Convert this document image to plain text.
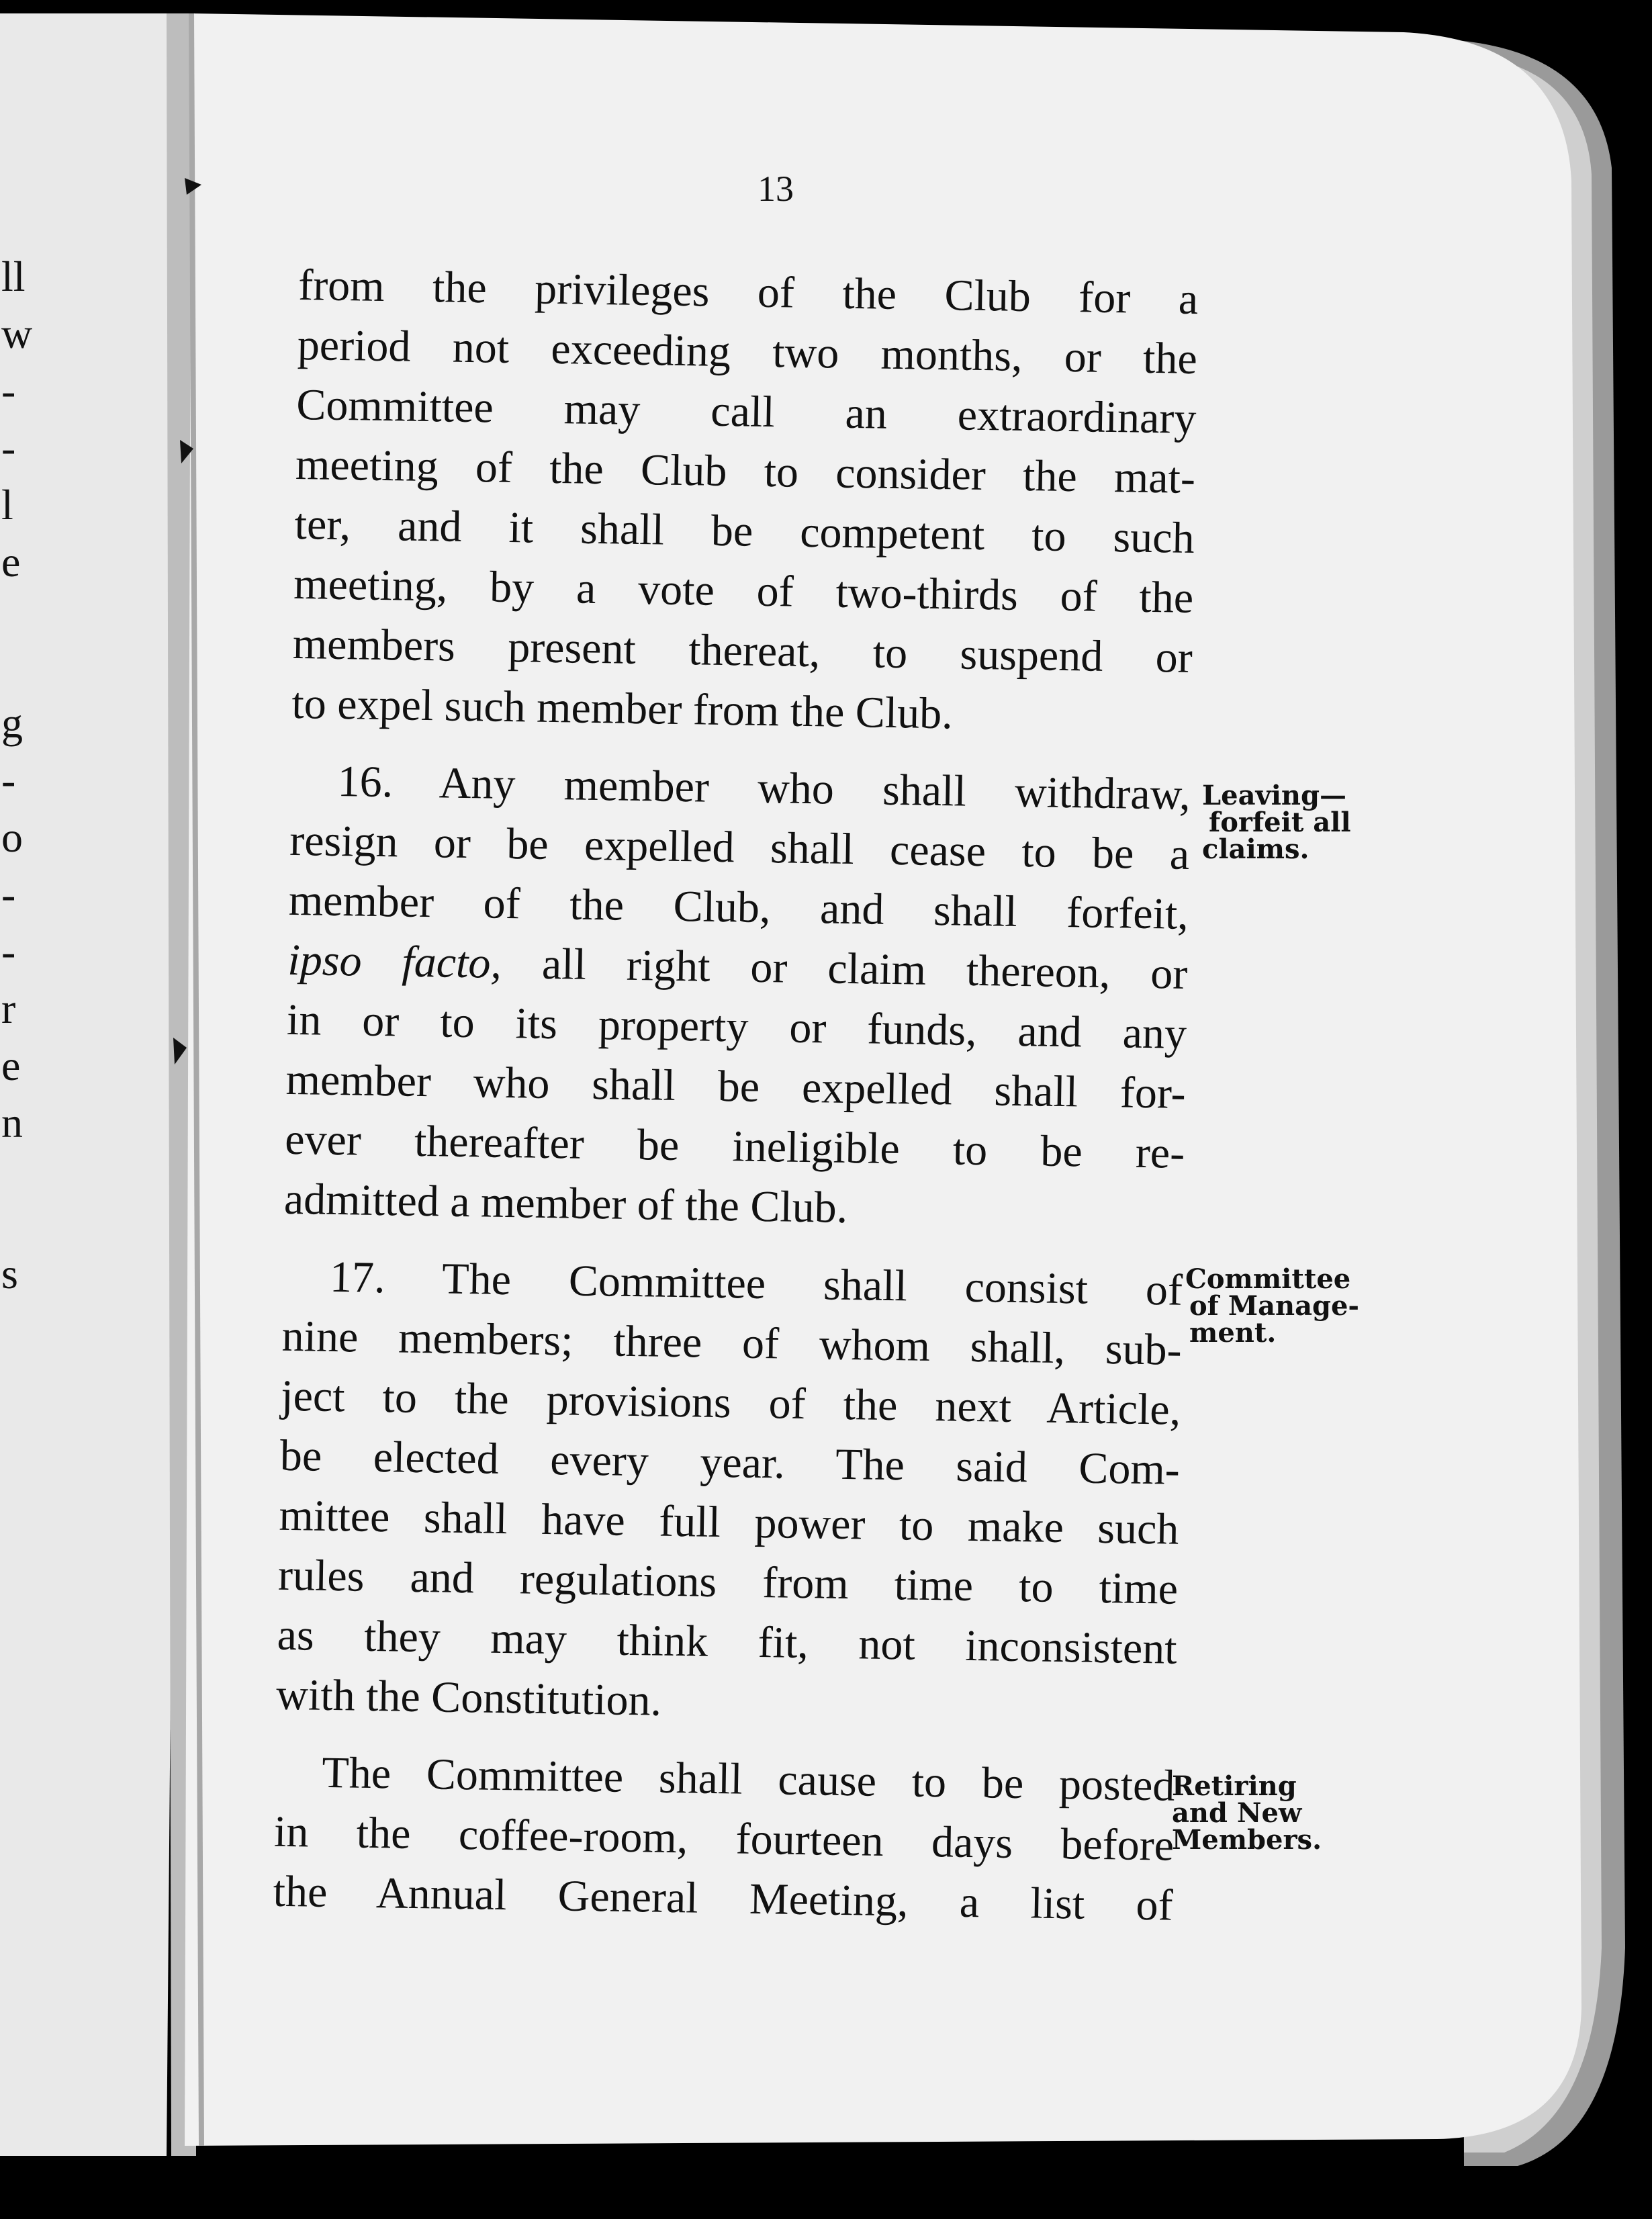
ll
w
-
-
l
e
g
-
o
-
-
r
e
n
s
13
from the privileges of the Club for a
period not exceeding two months, or the
Committee may call an extraordinary
meeting of the Club to consider the mat-
ter, and it shall be competent to such
meeting, by a vote of two-thirds of the
members present thereat, to suspend or
to expel such member from the Club.
16. Any member who shall withdraw,
resign or be expelled shall cease to be a
member of the Club, and shall forfeit,
ipso facto, all right or claim thereon, or
in or to its property or funds, and any
member who shall be expelled shall for-
ever thereafter be ineligible to be re-
admitted a member of the Club.
17. The Committee shall consist of
nine members; three of whom shall, sub-
ject to the provisions of the next Article,
be elected every year. The said Com-
mittee shall have full power to make such
rules and regulations from time to time
as they may think fit, not inconsistent
with the Constitution.
The Committee shall cause to be posted
in the coffee-room, fourteen days before
the Annual General Meeting, a list of
Leaving—
forfeit all
claims.
Committee
of Manage-
ment.
Retiring
and New
Members.
